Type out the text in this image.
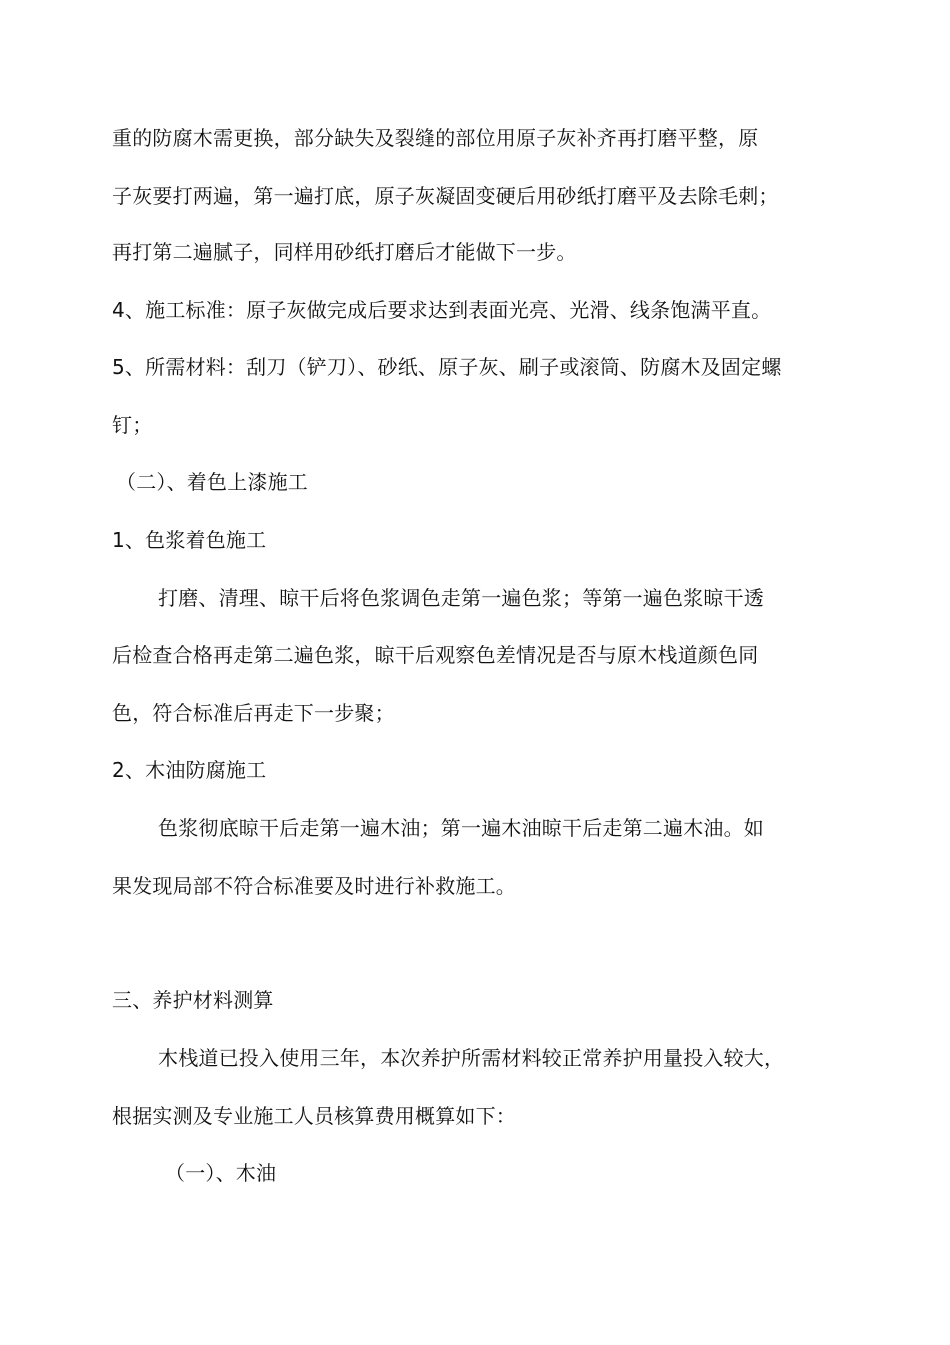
重的防腐木需更换，部分缺失及裂缝的部位用原子灰补齐再打磨平整，原
子灰要打两遍，第一遍打底，原子灰凝固变硬后用砂纸打磨平及去除毛刺；
再打第二遍腻子，同样用砂纸打磨后才能做下一步。
4、施工标准：原子灰做完成后要求达到表面光亮、光滑、线条饱满平直。
5、所需材料：刮刀（铲刀）、砂纸、原子灰、刷子或滚筒、防腐木及固定螺
钉；
（二）、着色上漆施工
1、色浆着色施工
打磨、清理、晾干后将色浆调色走第一遍色浆；等第一遍色浆晾干透
后检查合格再走第二遍色浆，晾干后观察色差情况是否与原木栈道颜色同
色，符合标准后再走下一步聚；
2、木油防腐施工
色浆彻底晾干后走第一遍木油；第一遍木油晾干后走第二遍木油。如
果发现局部不符合标准要及时进行补救施工。
三、养护材料测算
木栈道已投入使用三年，本次养护所需材料较正常养护用量投入较大，
根据实测及专业施工人员核算费用概算如下：
（一）、木油
